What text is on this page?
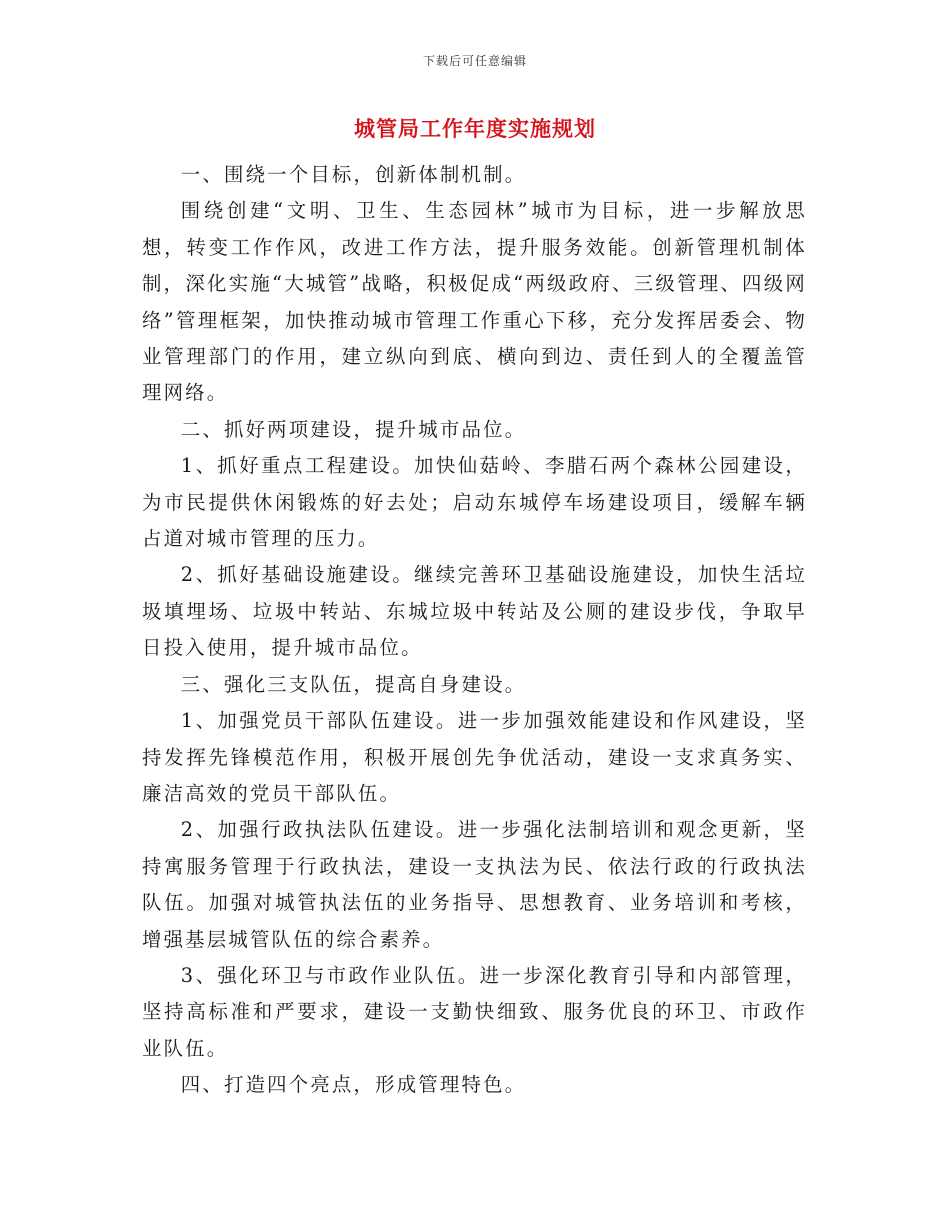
下载后可任意编辑
城管局工作年度实施规划

一、围绕一个目标，创新体制机制。

围绕创建“文明、卫生、生态园林”城市为目标，进一步解放思想，转变工作作风，改进工作方法，提升服务效能。创新管理机制体制，深化实施“大城管”战略，积极促成“两级政府、三级管理、四级网络”管理框架，加快推动城市管理工作重心下移，充分发挥居委会、物业管理部门的作用，建立纵向到底、横向到边、责任到人的全覆盖管理网络。

二、抓好两项建设，提升城市品位。

1、抓好重点工程建设。加快仙菇岭、李腊石两个森林公园建设，为市民提供休闲锻炼的好去处；启动东城停车场建设项目，缓解车辆占道对城市管理的压力。

2、抓好基础设施建设。继续完善环卫基础设施建设，加快生活垃圾填埋场、垃圾中转站、东城垃圾中转站及公厕的建设步伐，争取早日投入使用，提升城市品位。

三、强化三支队伍，提高自身建设。

1、加强党员干部队伍建设。进一步加强效能建设和作风建设，坚持发挥先锋模范作用，积极开展创先争优活动，建设一支求真务实、廉洁高效的党员干部队伍。

2、加强行政执法队伍建设。进一步强化法制培训和观念更新，坚持寓服务管理于行政执法，建设一支执法为民、依法行政的行政执法队伍。加强对城管执法伍的业务指导、思想教育、业务培训和考核，增强基层城管队伍的综合素养。

3、强化环卫与市政作业队伍。进一步深化教育引导和内部管理，坚持高标准和严要求，建设一支勤快细致、服务优良的环卫、市政作业队伍。

四、打造四个亮点，形成管理特色。
